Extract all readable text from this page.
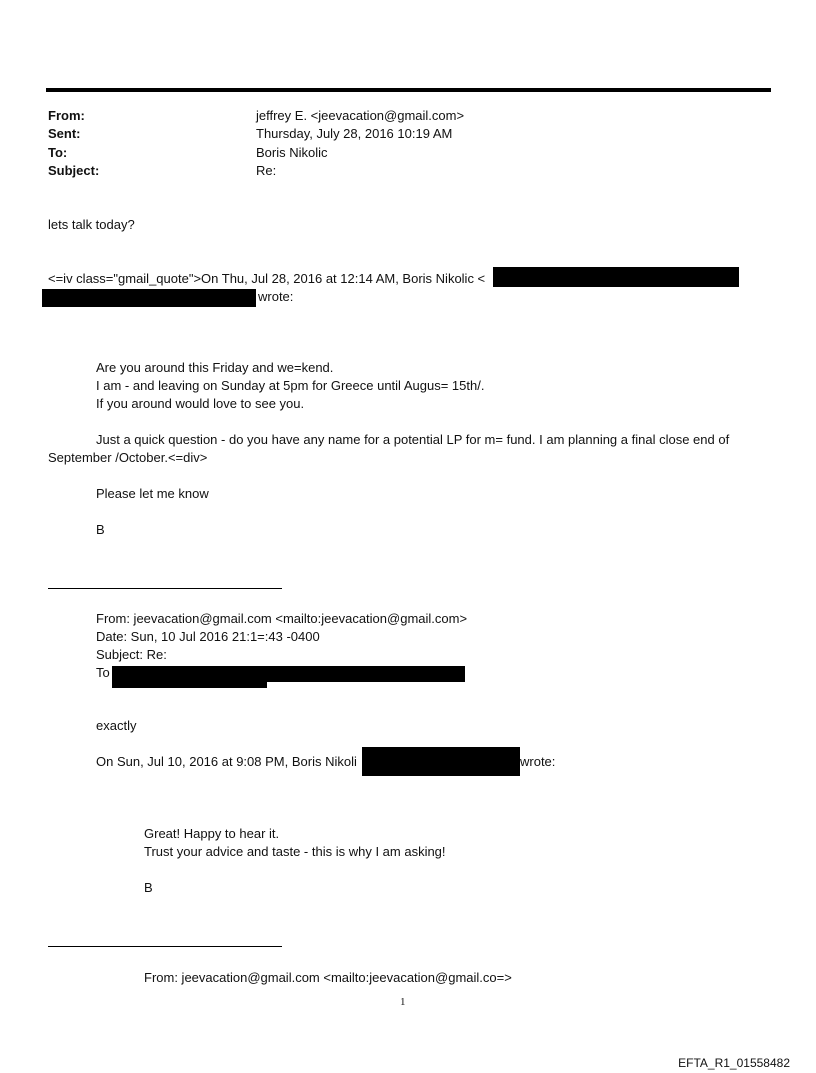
From:	jeffrey E. <jeevacation@gmail.com>
Sent:	Thursday, July 28, 2016 10:19 AM
To:	Boris Nikolic
Subject:	Re:
lets talk today?
<=iv class="gmail_quote">On Thu, Jul 28, 2016 at 12:14 AM, Boris Nikolic <
wrote:
Are you around this Friday and we=kend.
I am - and leaving on Sunday at 5pm for Greece until Augus= 15th/.
If you around would love to see you.
Just a quick question - do you have any name for a potential LP for m= fund. I am planning a final close end of
September /October.<=div>
Please let me know
B
From: jeevacation@gmail.com <mailto:jeevacation@gmail.com>
Date: Sun, 10 Jul 2016 21:1=:43 -0400
Subject: Re:
To
exactly
On Sun, Jul 10, 2016 at 9:08 PM, Boris Nikoli	wrote:
Great! Happy to hear it.
Trust your advice and taste - this is why I am asking!
B
From: jeevacation@gmail.com <mailto:jeevacation@gmail.co=>
1
EFTA_R1_01558482
